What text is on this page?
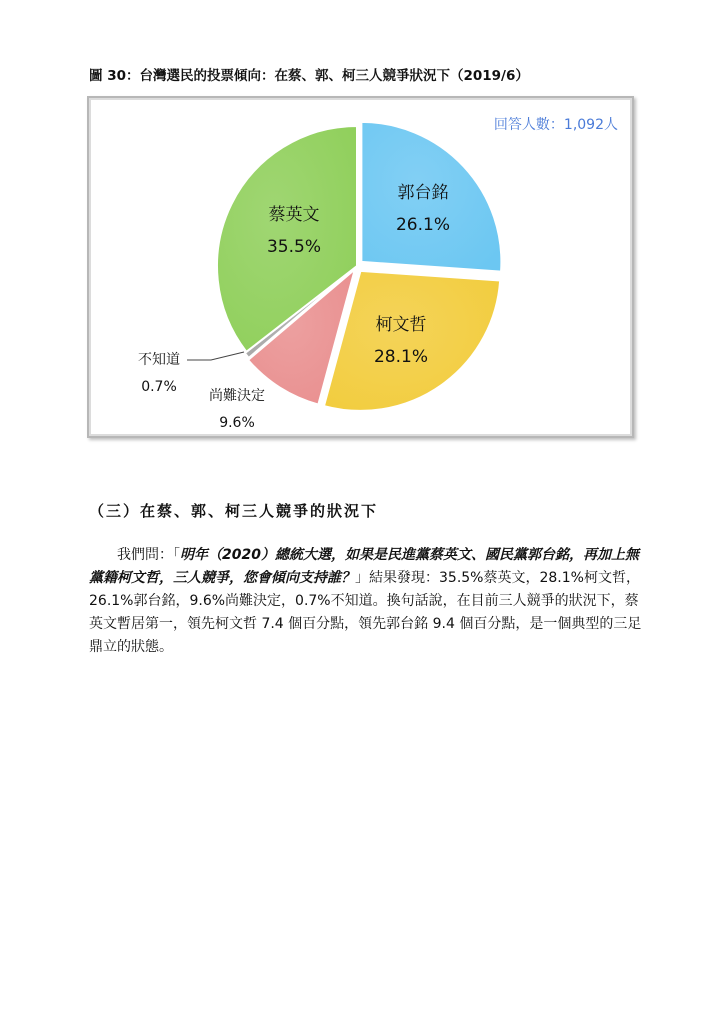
圖 30：台灣選民的投票傾向：在蔡、郭、柯三人競爭狀況下（2019/6）
郭台銘
26.1%
柯文哲
28.1%
尚難決定
9.6%
不知道
0.7%
蔡英文
35.5%
回答人數：1,092人
（三）在蔡、郭、柯三人競爭的狀況下
我們問：「明年（2020）總統大選，如果是民進黨蔡英文、國民黨郭台銘，再加上無黨籍柯文哲，三人競爭，您會傾向支持誰？」結果發現：35.5%蔡英文，28.1%柯文哲，26.1%郭台銘，9.6%尚難決定，0.7%不知道。換句話說，在目前三人競爭的狀況下，蔡英文暫居第一，領先柯文哲 7.4 個百分點，領先郭台銘 9.4 個百分點，是一個典型的三足鼎立的狀態。
